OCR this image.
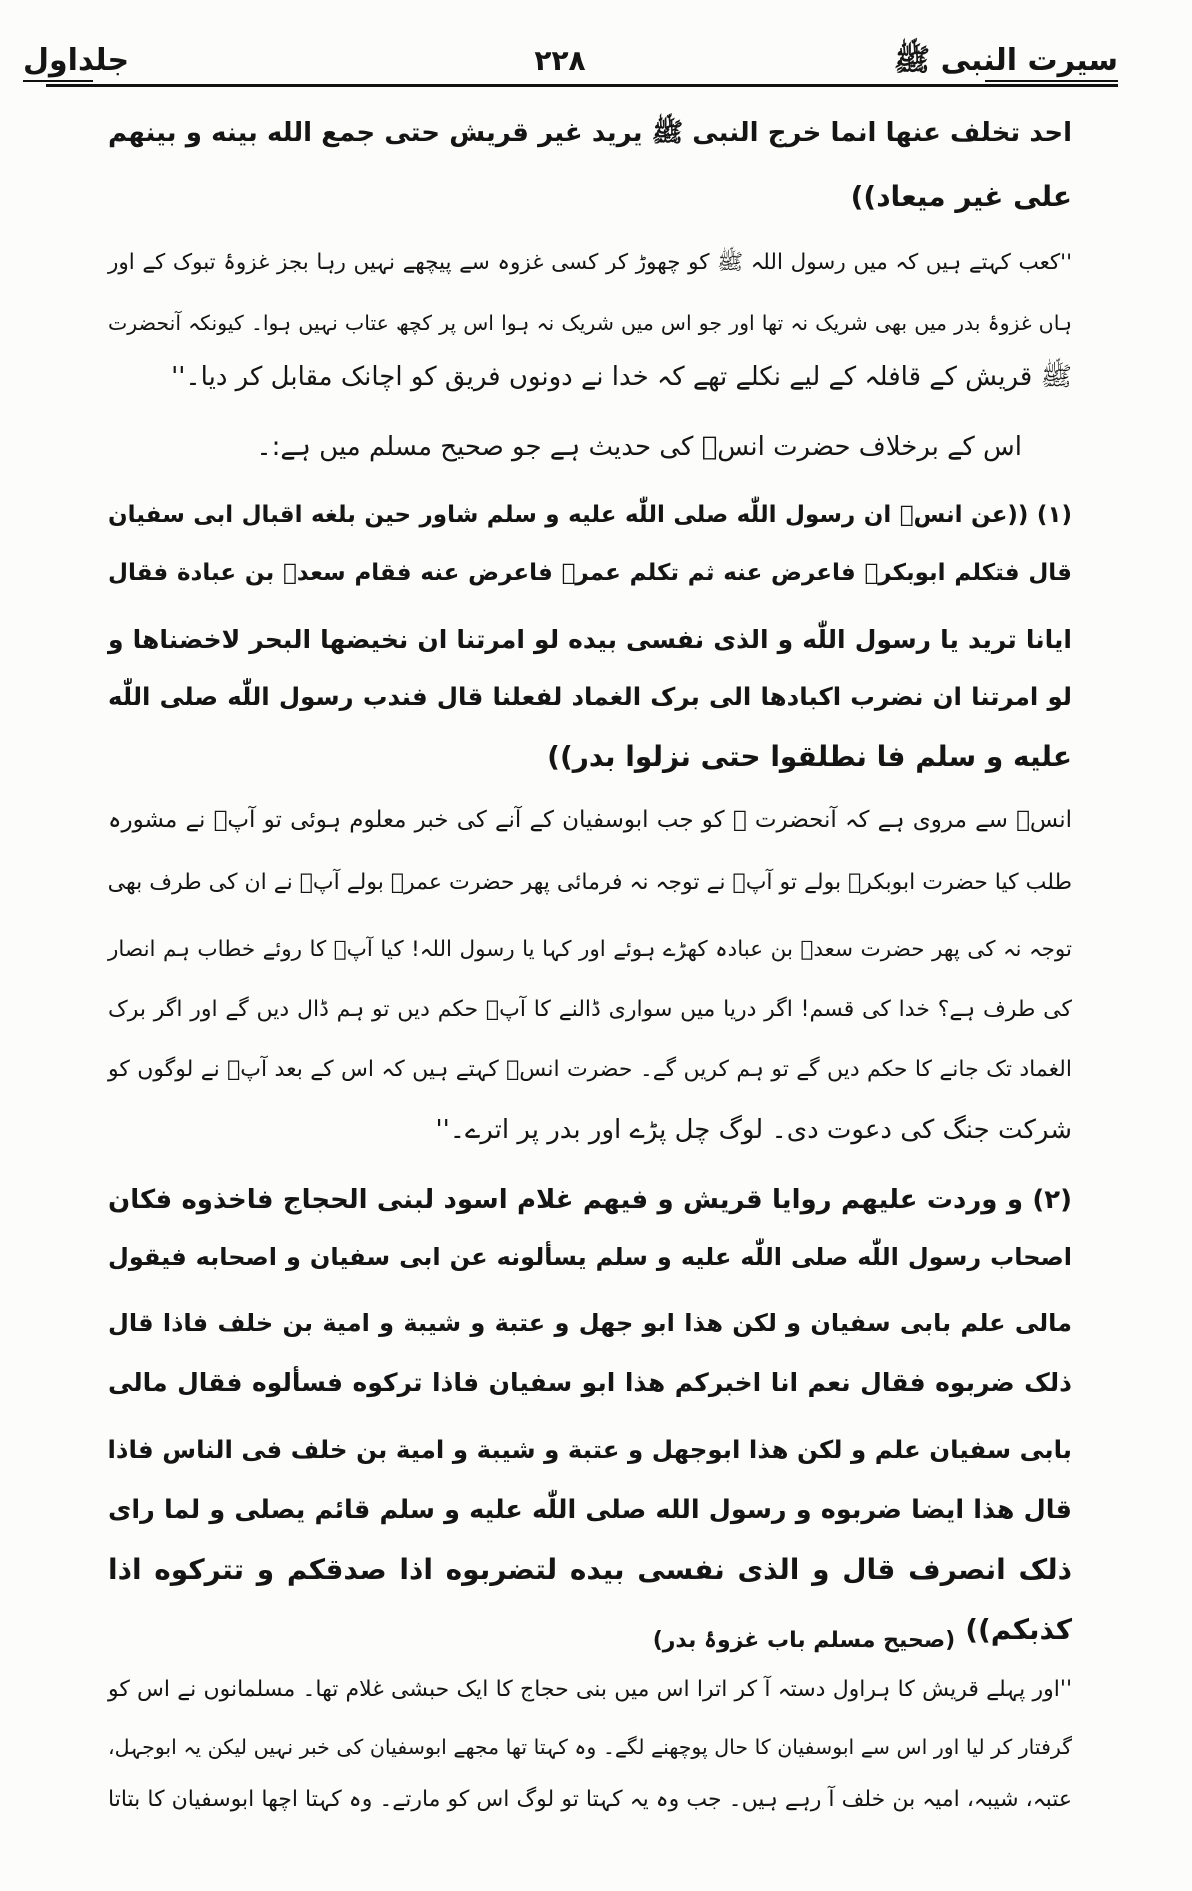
سیرت النبی ﷺ
۲۲۸
جلداول
احد تخلف عنها انما خرج النبی ﷺ یرید غیر قریش حتی جمع الله بینه و بینهم
علی غیر میعاد))
''کعب کہتے ہیں کہ میں رسول اللہ ﷺ کو چھوڑ کر کسی غزوہ سے پیچھے نہیں رہا بجز غزوۂ تبوک کے اور
ہاں غزوۂ بدر میں بھی شریک نہ تھا اور جو اس میں شریک نہ ہوا اس پر کچھ عتاب نہیں ہوا۔ کیونکہ آنحضرت
ﷺ قریش کے قافلہ کے لیے نکلے تھے کہ خدا نے دونوں فریق کو اچانک مقابل کر دیا۔''
اس کے برخلاف حضرت انسؓ کی حدیث ہے جو صحیح مسلم میں ہے:۔
(۱) ((عن انسؓ ان رسول اللّٰه صلی اللّٰه علیه و سلم شاور حین بلغه اقبال ابی سفیان
قال فتكلم ابوبكرؓ فاعرض عنه ثم تكلم عمرؓ فاعرض عنه فقام سعدؓ بن عبادة فقال
ایانا ترید یا رسول اللّٰه و الذی نفسی بیده لو امرتنا ان نخیضها البحر لاخضناها و
لو امرتنا ان نضرب اكبادها الی برک الغماد لفعلنا قال فندب رسول اللّٰه صلی اللّٰه
علیه و سلم فا نطلقوا حتی نزلوا بدر))
انسؓ سے مروی ہے کہ آنحضرت ﷺ کو جب ابوسفیان کے آنے کی خبر معلوم ہوئی تو آپؐ نے مشورہ
طلب کیا حضرت ابوبکرؓ بولے تو آپؐ نے توجہ نہ فرمائی پھر حضرت عمرؓ بولے آپؐ نے ان کی طرف بھی
توجہ نہ کی پھر حضرت سعدؓ بن عبادہ کھڑے ہوئے اور کہا یا رسول اللہ! کیا آپؐ کا روئے خطاب ہم انصار
کی طرف ہے؟ خدا کی قسم! اگر دریا میں سواری ڈالنے کا آپؐ حکم دیں تو ہم ڈال دیں گے اور اگر برک
الغماد تک جانے کا حکم دیں گے تو ہم کریں گے۔ حضرت انسؓ کہتے ہیں کہ اس کے بعد آپؐ نے لوگوں کو
شرکت جنگ کی دعوت دی۔ لوگ چل پڑے اور بدر پر اترے۔''
(۲) و وردت علیهم روایا قریش و فیهم غلام اسود لبنی الحجاج فاخذوه فكان
اصحاب رسول اللّٰه صلی اللّٰه علیه و سلم یسألونه عن ابی سفیان و اصحابه فیقول
مالی علم بابی سفیان و لكن هذا ابو جهل و عتبة و شیبة و امیة بن خلف فاذا قال
ذلک ضربوه فقال نعم انا اخبركم هذا ابو سفیان فاذا تركوه فسألوه فقال مالی
بابی سفیان علم و لكن هذا ابوجهل و عتبة و شیبة و امیة بن خلف فی الناس فاذا
قال هذا ایضا ضربوه و رسول الله صلی اللّٰه علیه و سلم قائم یصلی و لما رای
ذلک انصرف قال و الذی نفسی بیده لتضربوه اذا صدقكم و تتركوه اذا
$كذبكم))_{(صحیح مسلم باب غزوۂ بدر)}$
''اور پہلے قریش کا ہراول دستہ آ کر اترا اس میں بنی حجاج کا ایک حبشی غلام تھا۔ مسلمانوں نے اس کو
گرفتار کر لیا اور اس سے ابوسفیان کا حال پوچھنے لگے۔ وہ کہتا تھا مجھے ابوسفیان کی خبر نہیں لیکن یہ ابوجہل،
عتبہ، شیبہ، امیہ بن خلف آ رہے ہیں۔ جب وہ یہ کہتا تو لوگ اس کو مارتے۔ وہ کہتا اچھا ابوسفیان کا بتاتا
